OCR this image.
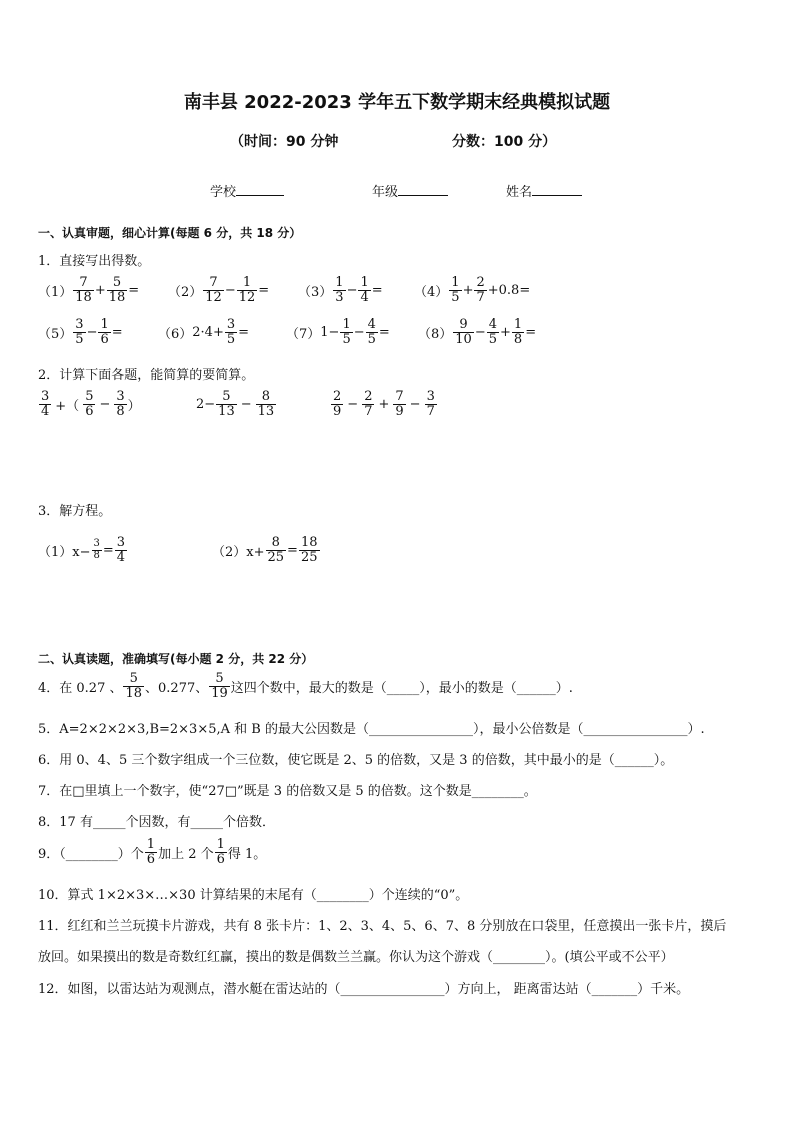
南丰县 2022-2023 学年五下数学期末经典模拟试题
（时间：90 分钟	分数：100 分）
学校	年级	姓名
一、认真审题，细心计算(每题 6 分，共 18 分）
1．直接写出得数。
$(1) \frac{7}{18} + \frac{5}{18} = (2) \frac{7}{12} - \frac{1}{12} = (3) \frac{1}{3} - \frac{1}{4} = (4) \frac{1}{5} + \frac{2}{7} +0.8$ =
$(5) \frac{3}{5} - \frac{1}{6}$ =	（6） $2\cdot 4+ \frac{3}{5}$ =	（7） $1- \frac{1}{5} - \frac{4}{5} = (8) \frac{9}{10} - \frac{4}{5} + \frac{1}{8}$ =
2．计算下面各题，能简算的要简算。
$\frac{3}{4}$ +（ $\frac{5}{6} - \frac{3}{8}$ ）	$2- \frac{5}{13} - \frac{8}{13}$	$\frac{2}{9} - \frac{2}{7} + \frac{7}{9} - \frac{3}{7}$
3．解方程。
$(1)x- \frac{3}{8} = \frac{3}{4}$	$(2)x+ \frac{8}{25} = \frac{18}{25}$
二、认真读题，准确填写(每小题 2 分，共 22 分）
4．在 0.27 、 $\frac{5}{18}$ 、0.277、 $\frac{5}{19}$ 这四个数中，最大的数是（_____），最小的数是（______）.
5．A=2×2×2×3,B=2×3×5,A 和 B 的最大公因数是（________________），最小公倍数是（________________）.
6．用 0、4、5 三个数字组成一个三位数，使它既是 2、5 的倍数，又是 3 的倍数，其中最小的是（______）。
7．在□里填上一个数字，使“27□”既是 3 的倍数又是 5 的倍数。这个数是________。
8．17 有_____个因数，有_____个倍数．
9．（________）个 $\frac{1}{6}$ 加上 2 个 $\frac{1}{6}$ 得 1。
10．算式 1×2×3×…×30 计算结果的末尾有（________）个连续的“0”。
11．红红和兰兰玩摸卡片游戏，共有 8 张卡片：1、2、3、4、5、6、7、8 分别放在口袋里，任意摸出一张卡片，摸后
放回。如果摸出的数是奇数红红赢，摸出的数是偶数兰兰赢。你认为这个游戏（________）。(填公平或不公平）
12．如图，以雷达站为观测点，潜水艇在雷达站的（________________）方向上， 距离雷达站（_______）千米。
